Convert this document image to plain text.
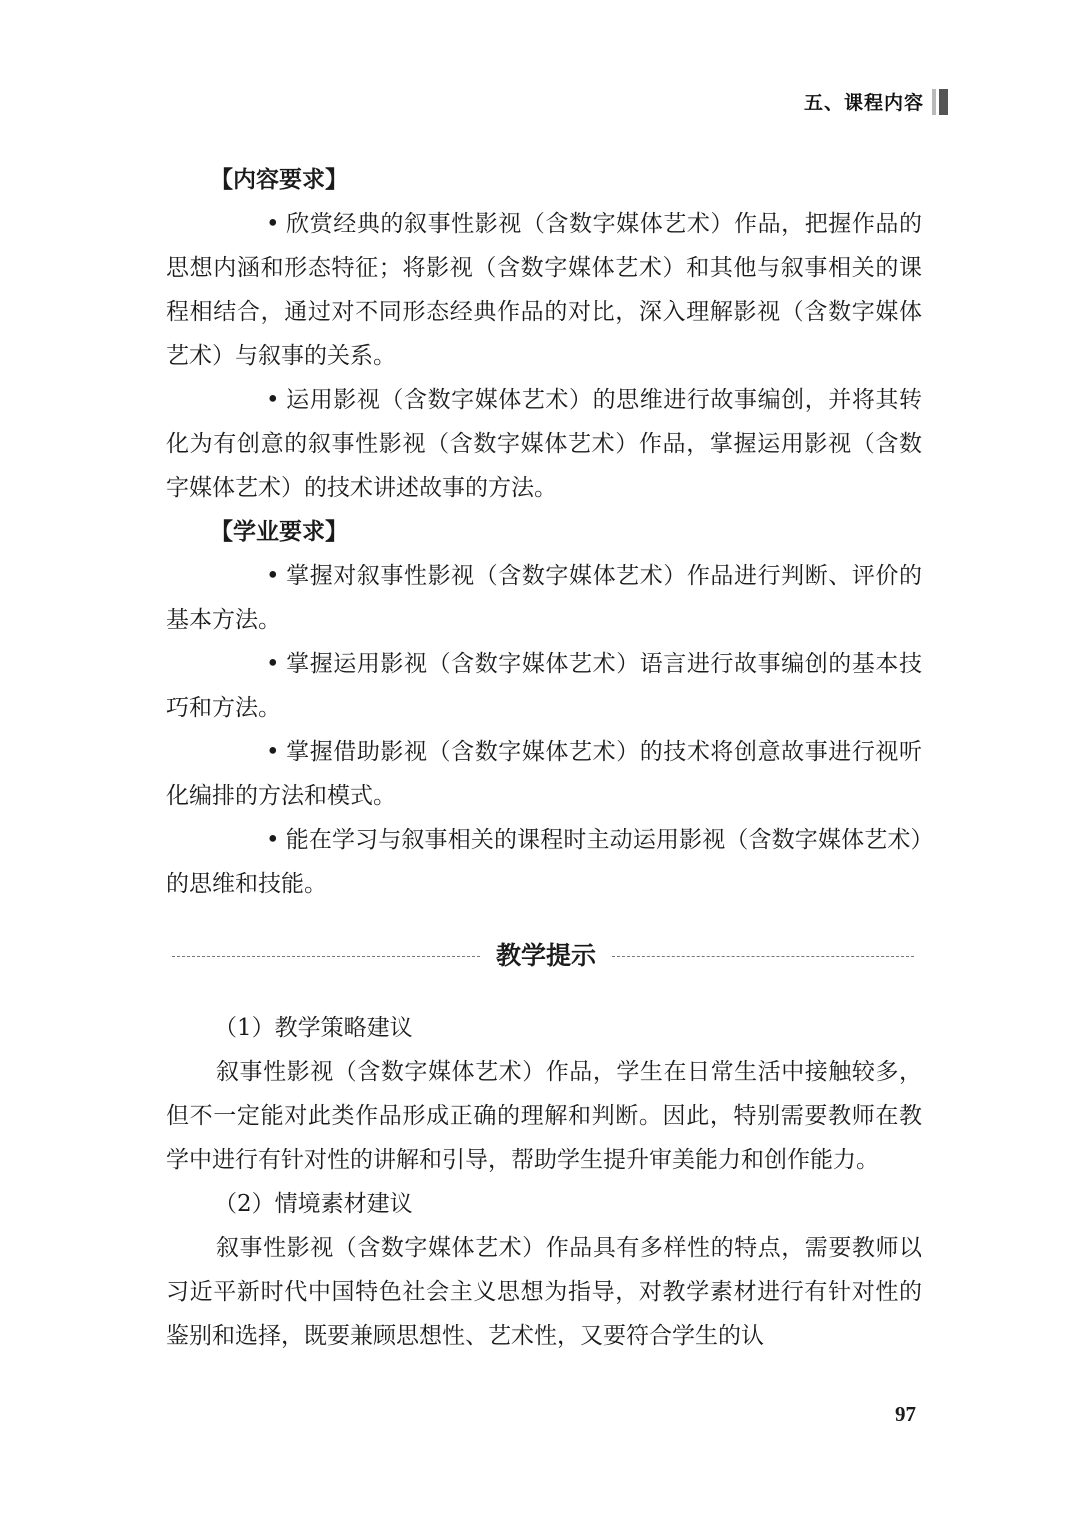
五、课程内容
【内容要求】

• 欣赏经典的叙事性影视（含数字媒体艺术）作品，把握作品的思想内涵和形态特征；将影视（含数字媒体艺术）和其他与叙事相关的课程相结合，通过对不同形态经典作品的对比，深入理解影视（含数字媒体艺术）与叙事的关系。

• 运用影视（含数字媒体艺术）的思维进行故事编创，并将其转化为有创意的叙事性影视（含数字媒体艺术）作品，掌握运用影视（含数字媒体艺术）的技术讲述故事的方法。

【学业要求】

• 掌握对叙事性影视（含数字媒体艺术）作品进行判断、评价的基本方法。

• 掌握运用影视（含数字媒体艺术）语言进行故事编创的基本技巧和方法。

• 掌握借助影视（含数字媒体艺术）的技术将创意故事进行视听化编排的方法和模式。

• 能在学习与叙事相关的课程时主动运用影视（含数字媒体艺术）的思维和技能。

教学提示
（1）教学策略建议

叙事性影视（含数字媒体艺术）作品，学生在日常生活中接触较多，但不一定能对此类作品形成正确的理解和判断。因此，特别需要教师在教学中进行有针对性的讲解和引导，帮助学生提升审美能力和创作能力。

（2）情境素材建议

叙事性影视（含数字媒体艺术）作品具有多样性的特点，需要教师以习近平新时代中国特色社会主义思想为指导，对教学素材进行有针对性的鉴别和选择，既要兼顾思想性、艺术性，又要符合学生的认

97
